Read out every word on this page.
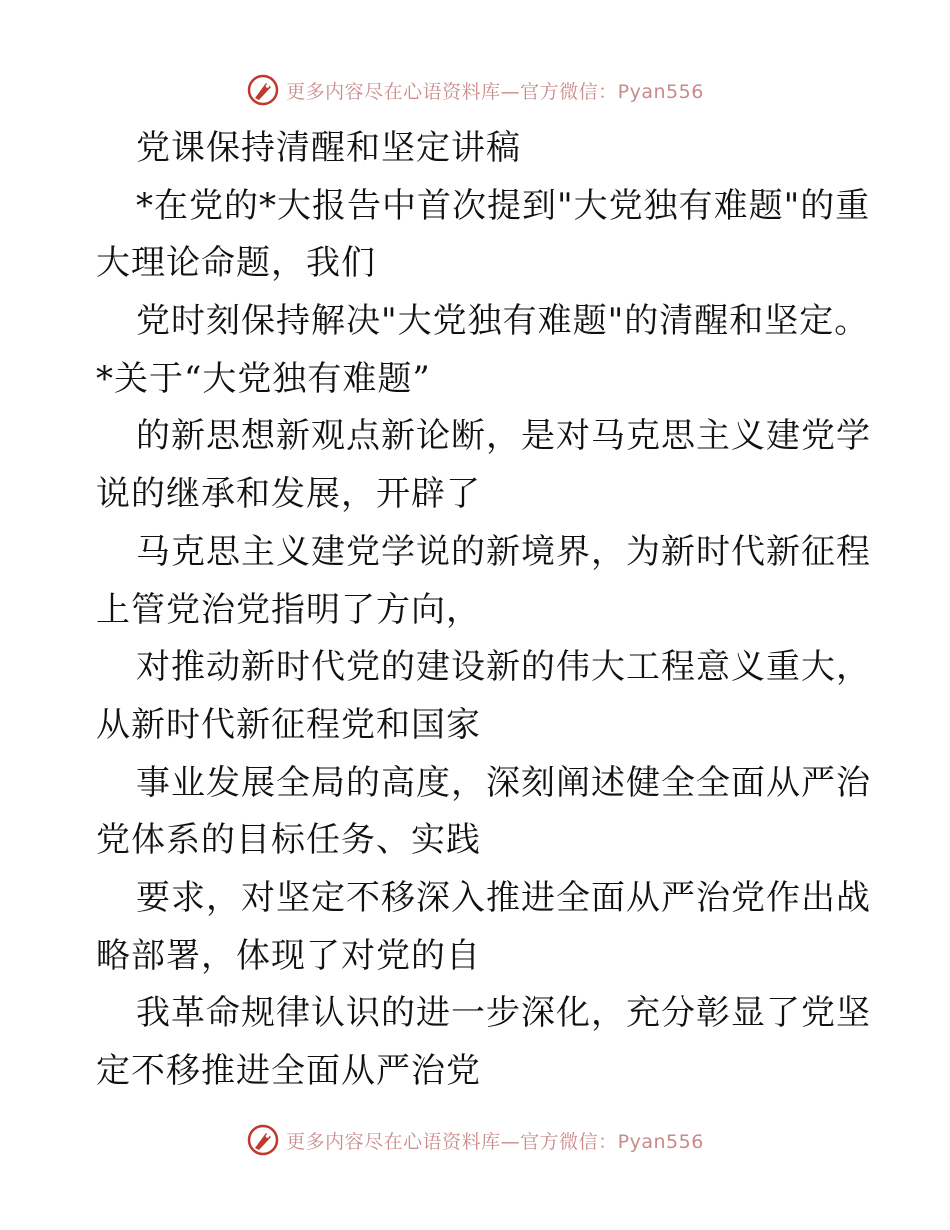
更多内容尽在心语资料库—官方微信：Pyan556
党课保持清醒和坚定讲稿
*在党的*大报告中首次提到"大党独有难题"的重
大理论命题，我们
党时刻保持解决"大党独有难题"的清醒和坚定。
*关于“大党独有难题”
的新思想新观点新论断，是对马克思主义建党学
说的继承和发展，开辟了
马克思主义建党学说的新境界，为新时代新征程
上管党治党指明了方向，
对推动新时代党的建设新的伟大工程意义重大，
从新时代新征程党和国家
事业发展全局的高度，深刻阐述健全全面从严治
党体系的目标任务、实践
要求，对坚定不移深入推进全面从严治党作出战
略部署，体现了对党的自
我革命规律认识的进一步深化，充分彰显了党坚
定不移推进全面从严治党
更多内容尽在心语资料库—官方微信：Pyan556
